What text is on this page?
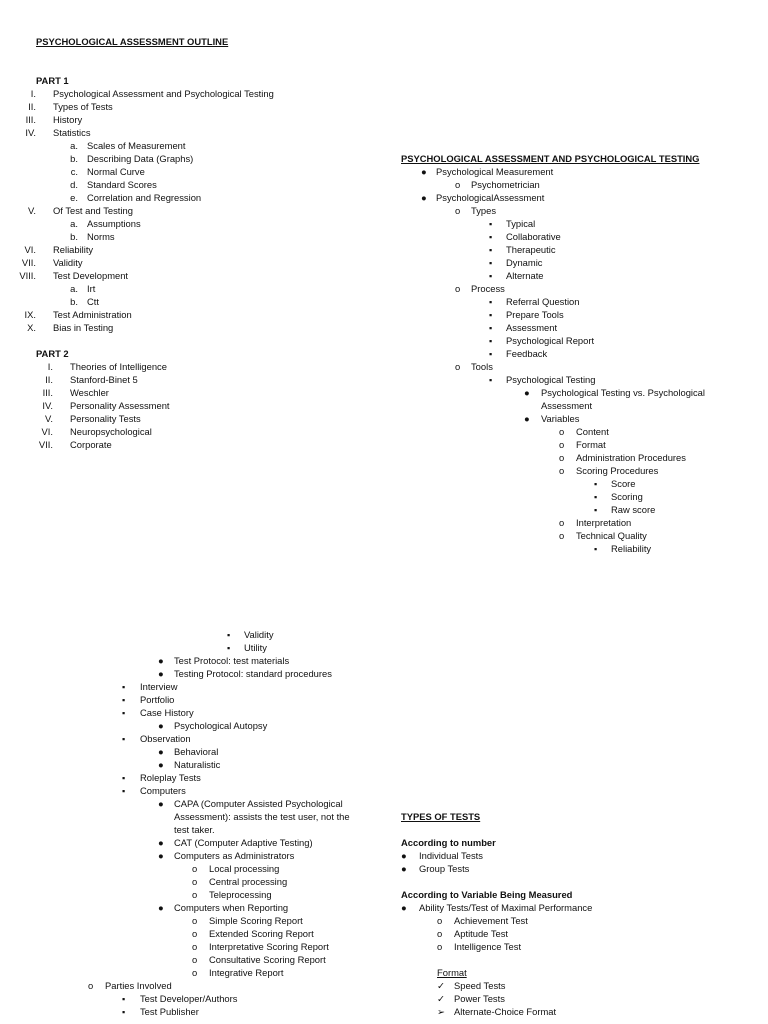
PSYCHOLOGICAL ASSESSMENT OUTLINE
PART 1
I. Psychological Assessment and Psychological Testing
II. Types of Tests
III. History
IV. Statistics
a. Scales of Measurement
b. Describing Data (Graphs)
c. Normal Curve
d. Standard Scores
e. Correlation and Regression
V. Of Test and Testing
a. Assumptions
b. Norms
VI. Reliability
VII. Validity
VIII. Test Development
a. Irt
b. Ctt
IX. Test Administration
X. Bias in Testing
PART 2
I. Theories of Intelligence
II. Stanford-Binet 5
III. Weschler
IV. Personality Assessment
V. Personality Tests
VI. Neuropsychological
VII. Corporate
PSYCHOLOGICAL ASSESSMENT AND PSYCHOLOGICAL TESTING
● Psychological Measurement
o Psychometrician
● PsychologicalAssessment
o Types
▪ Typical
▪ Collaborative
▪ Therapeutic
▪ Dynamic
▪ Alternate
o Process
▪ Referral Question
▪ Prepare Tools
▪ Assessment
▪ Psychological Report
▪ Feedback
o Tools
▪ Psychological Testing
● Psychological Testing vs. Psychological
Assessment
● Variables
o Content
o Format
o Administration Procedures
o Scoring Procedures
▪ Score
▪ Scoring
▪ Raw score
o Interpretation
o Technical Quality
▪ Reliability
▪ Validity
▪ Utility
● Test Protocol: test materials
● Testing Protocol: standard procedures
▪ Interview
▪ Portfolio
▪ Case History
● Psychological Autopsy
▪ Observation
● Behavioral
● Naturalistic
▪ Roleplay Tests
▪ Computers
● CAPA (Computer Assisted Psychological
Assessment): assists the test user, not the
test taker.
● CAT (Computer Adaptive Testing)
● Computers as Administrators
o Local processing
o Central processing
o Teleprocessing
● Computers when Reporting
o Simple Scoring Report
o Extended Scoring Report
o Interpretative Scoring Report
o Consultative Scoring Report
o Integrative Report
o Parties Involved
▪ Test Developer/Authors
▪ Test Publisher
TYPES OF TESTS
According to number
● Individual Tests
● Group Tests
According to Variable Being Measured
● Ability Tests/Test of Maximal Performance
o Achievement Test
o Aptitude Test
o Intelligence Test
Format
✓ Speed Tests
✓ Power Tests
➢ Alternate-Choice Format
